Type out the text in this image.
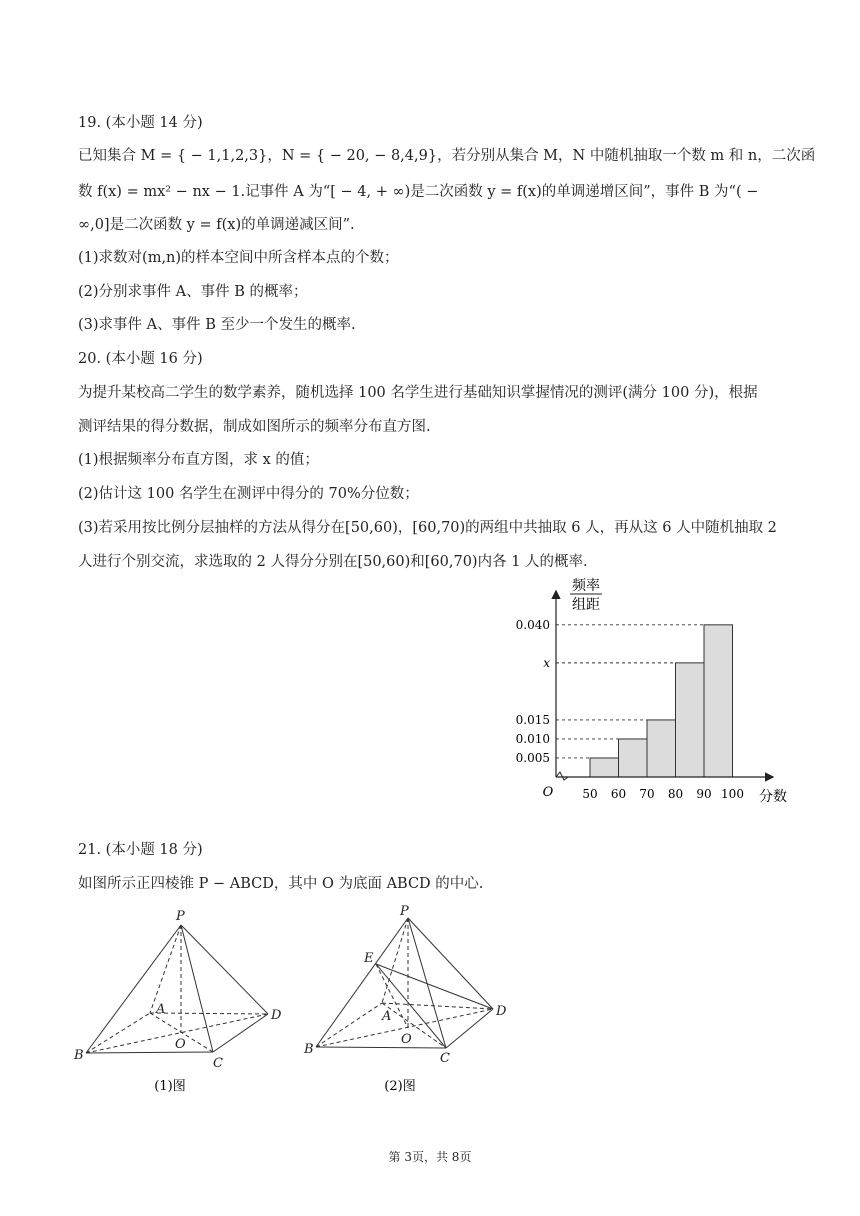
19. (本小题 14 分)
已知集合 M = { − 1,1,2,3}，N = { − 20, − 8,4,9}，若分别从集合 M，N 中随机抽取一个数 m 和 n，二次函
数 f(x) = mx² − nx − 1.记事件 A 为“[ − 4, + ∞)是二次函数 y = f(x)的单调递增区间”，事件 B 为“( −
∞,0]是二次函数 y = f(x)的单调递减区间”.
(1)求数对(m,n)的样本空间中所含样本点的个数；
(2)分别求事件 A、事件 B 的概率；
(3)求事件 A、事件 B 至少一个发生的概率.
20. (本小题 16 分)
为提升某校高二学生的数学素养，随机选择 100 名学生进行基础知识掌握情况的测评(满分 100 分)，根据
测评结果的得分数据，制成如图所示的频率分布直方图.
(1)根据频率分布直方图，求 x 的值；
(2)估计这 100 名学生在测评中得分的 70%分位数；
(3)若采用按比例分层抽样的方法从得分在[50,60)，[60,70)的两组中共抽取 6 人，再从这 6 人中随机抽取 2
人进行个别交流，求选取的 2 人得分分别在[50,60)和[60,70)内各 1 人的概率.
频率
组距
O	分数
0.005
0.010
0.015
x
0.040
50 60 70 80 90 100
21. (本小题 18 分)
如图所示正四棱锥 P − ABCD，其中 O 为底面 ABCD 的中心.
P
A
B
C
D
O
(1)图
P
E
A
B
C
D
O
(2)图
第 3页，共 8页
